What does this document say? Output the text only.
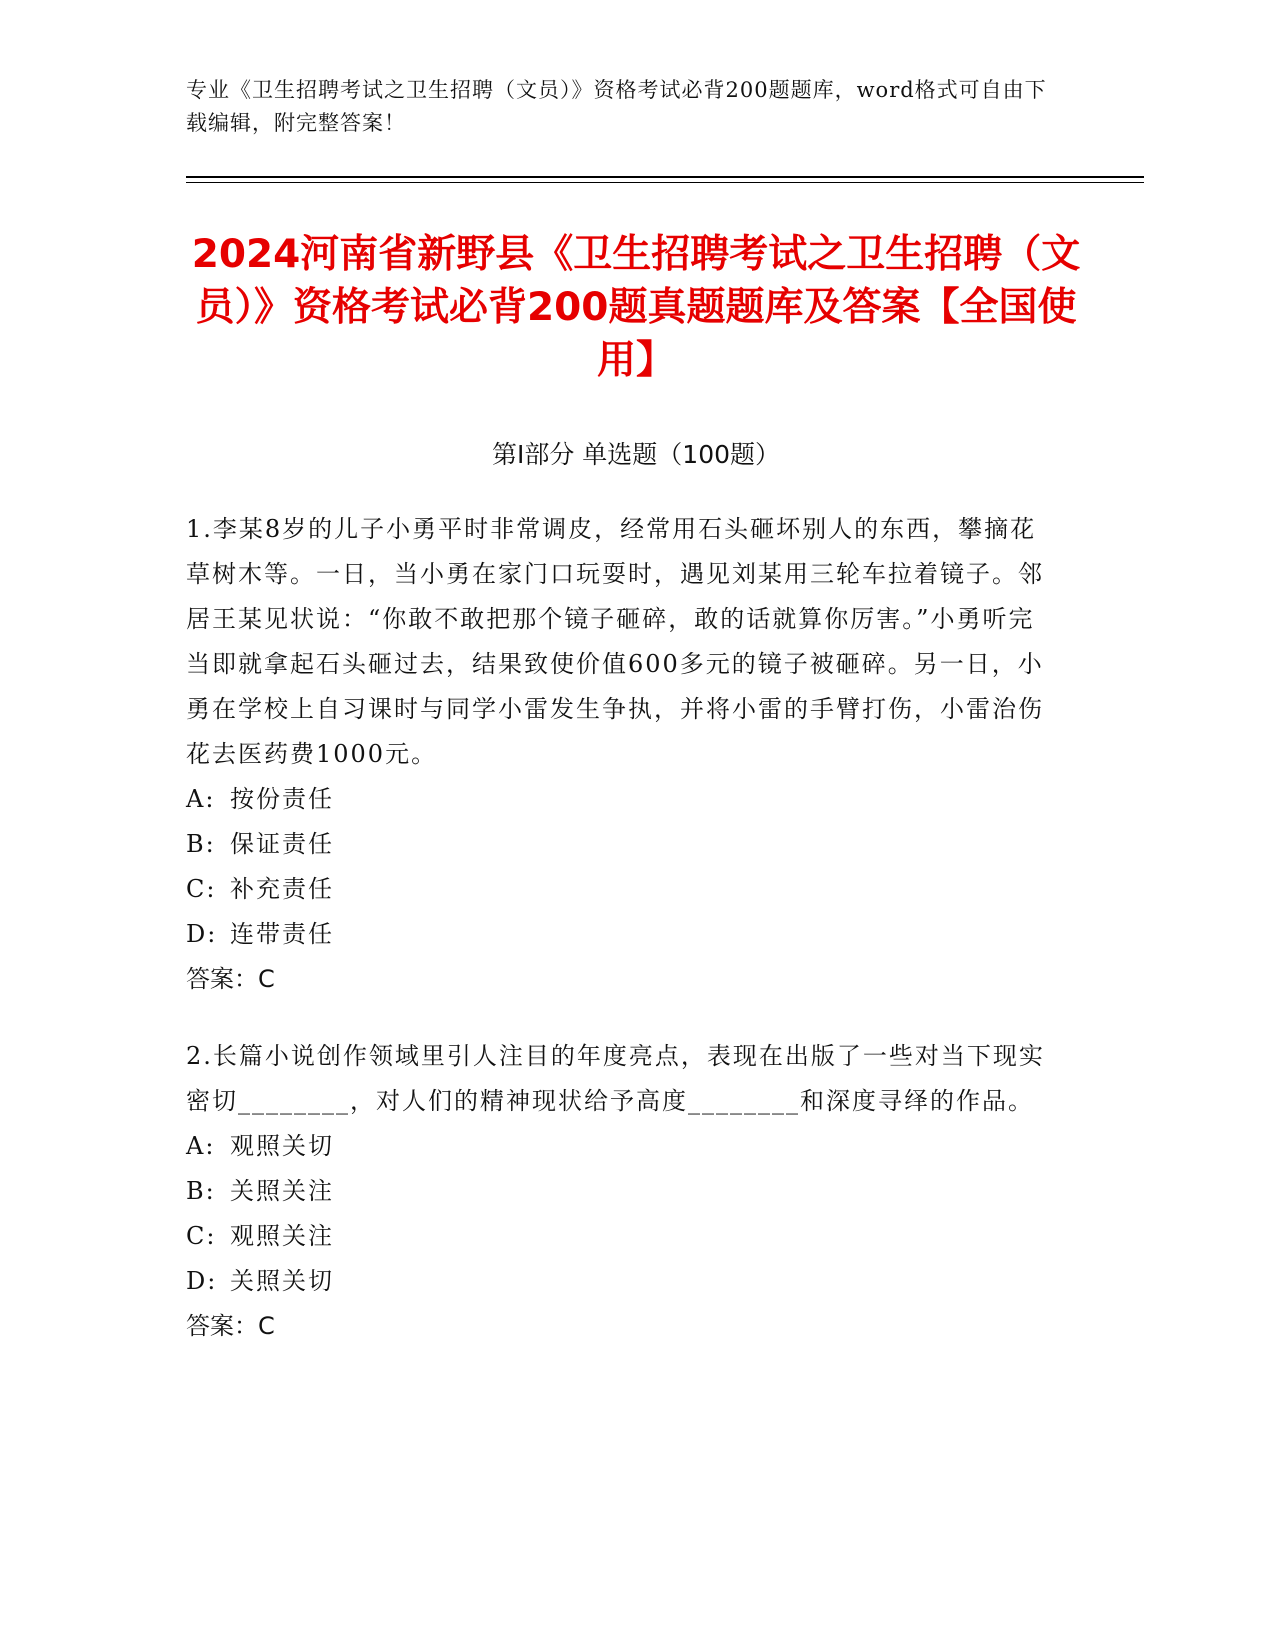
专业《卫生招聘考试之卫生招聘（文员）》资格考试必背200题题库，word格式可自由下载编辑，附完整答案！
2024河南省新野县《卫生招聘考试之卫生招聘（文员）》资格考试必背200题真题题库及答案【全国使用】
第I部分 单选题（100题）

1.李某8岁的儿子小勇平时非常调皮，经常用石头砸坏别人的东西，攀摘花草树木等。一日，当小勇在家门口玩耍时，遇见刘某用三轮车拉着镜子。邻居王某见状说：“你敢不敢把那个镜子砸碎，敢的话就算你厉害。”小勇听完当即就拿起石头砸过去，结果致使价值600多元的镜子被砸碎。另一日，小勇在学校上自习课时与同学小雷发生争执，并将小雷的手臂打伤，小雷治伤花去医药费1000元。

A: 按份责任

B: 保证责任

C: 补充责任

D: 连带责任

答案：C

2.长篇小说创作领域里引人注目的年度亮点，表现在出版了一些对当下现实密切________，对人们的精神现状给予高度________和深度寻绎的作品。

A: 观照关切

B: 关照关注

C: 观照关注

D: 关照关切

答案：C
